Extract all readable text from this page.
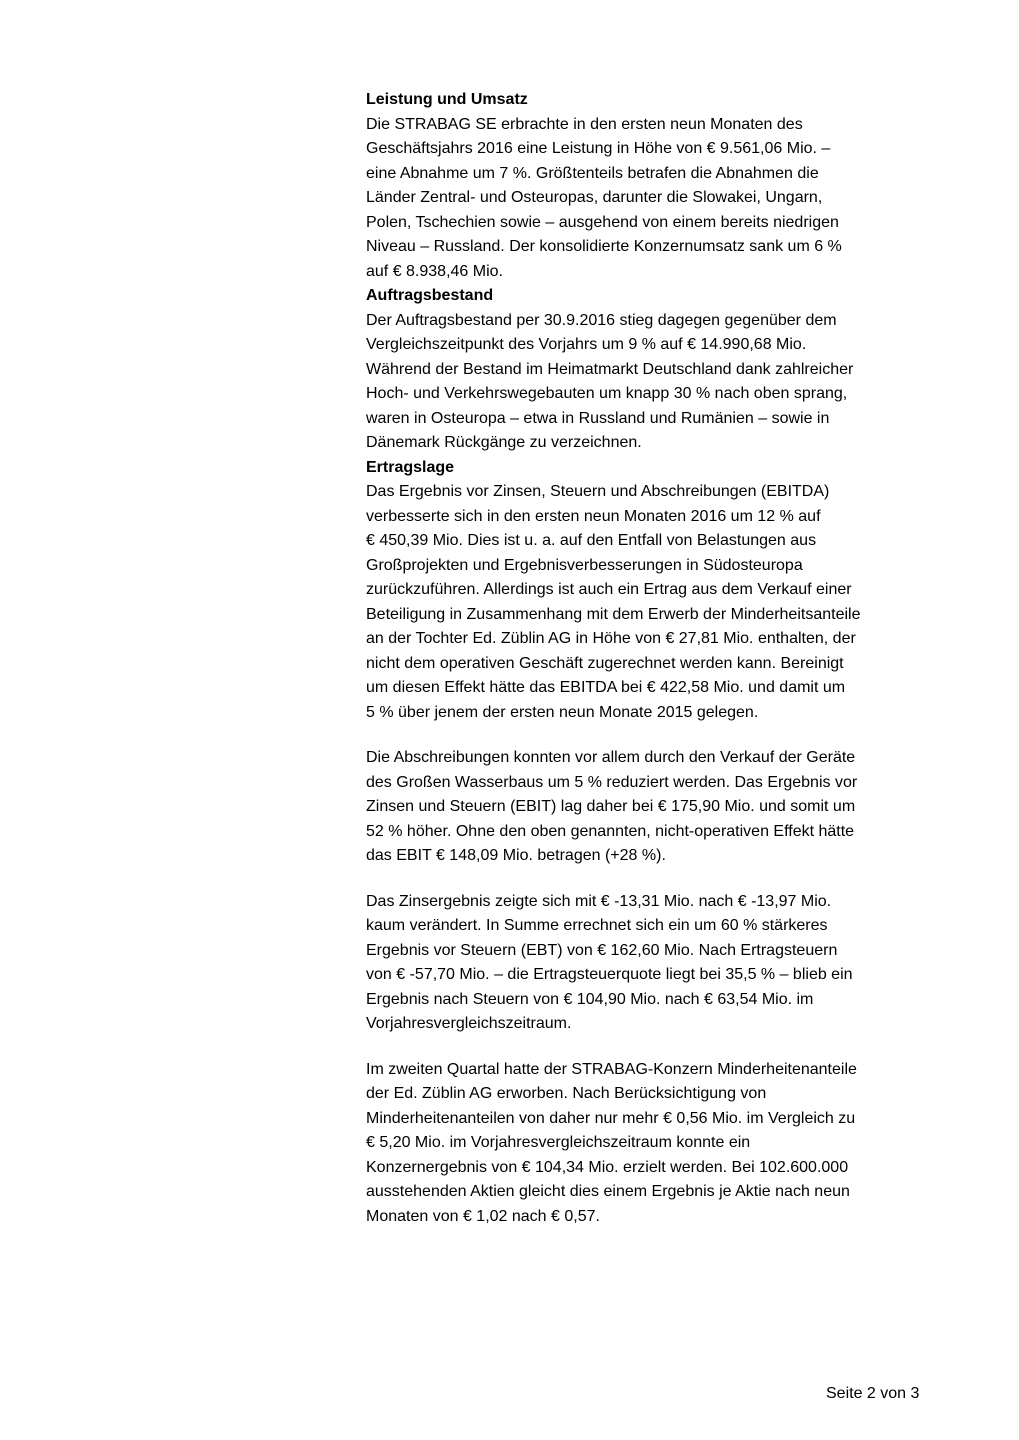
Leistung und Umsatz
Die STRABAG SE erbrachte in den ersten neun Monaten des
Geschäftsjahrs 2016 eine Leistung in Höhe von € 9.561,06 Mio. –
eine Abnahme um 7 %. Größtenteils betrafen die Abnahmen die
Länder Zentral- und Osteuropas, darunter die Slowakei, Ungarn,
Polen, Tschechien sowie – ausgehend von einem bereits niedrigen
Niveau – Russland. Der konsolidierte Konzernumsatz sank um 6 %
auf € 8.938,46 Mio.
Auftragsbestand
Der Auftragsbestand per 30.9.2016 stieg dagegen gegenüber dem
Vergleichszeitpunkt des Vorjahrs um 9 % auf € 14.990,68 Mio.
Während der Bestand im Heimatmarkt Deutschland dank zahlreicher
Hoch- und Verkehrswegebauten um knapp 30 % nach oben sprang,
waren in Osteuropa – etwa in Russland und Rumänien – sowie in
Dänemark Rückgänge zu verzeichnen.
Ertragslage
Das Ergebnis vor Zinsen, Steuern und Abschreibungen (EBITDA)
verbesserte sich in den ersten neun Monaten 2016 um 12 % auf
€ 450,39 Mio. Dies ist u. a. auf den Entfall von Belastungen aus
Großprojekten und Ergebnisverbesserungen in Südosteuropa
zurückzuführen. Allerdings ist auch ein Ertrag aus dem Verkauf einer
Beteiligung in Zusammenhang mit dem Erwerb der Minderheitsanteile
an der Tochter Ed. Züblin AG in Höhe von € 27,81 Mio. enthalten, der
nicht dem operativen Geschäft zugerechnet werden kann. Bereinigt
um diesen Effekt hätte das EBITDA bei € 422,58 Mio. und damit um
5 % über jenem der ersten neun Monate 2015 gelegen.
Die Abschreibungen konnten vor allem durch den Verkauf der Geräte
des Großen Wasserbaus um 5 % reduziert werden. Das Ergebnis vor
Zinsen und Steuern (EBIT) lag daher bei € 175,90 Mio. und somit um
52 % höher. Ohne den oben genannten, nicht-operativen Effekt hätte
das EBIT € 148,09 Mio. betragen (+28 %).
Das Zinsergebnis zeigte sich mit € -13,31 Mio. nach € -13,97 Mio.
kaum verändert. In Summe errechnet sich ein um 60 % stärkeres
Ergebnis vor Steuern (EBT) von € 162,60 Mio. Nach Ertragsteuern
von € -57,70 Mio. – die Ertragsteuerquote liegt bei 35,5 % – blieb ein
Ergebnis nach Steuern von € 104,90 Mio. nach € 63,54 Mio. im
Vorjahresvergleichszeitraum.
Im zweiten Quartal hatte der STRABAG-Konzern Minderheitenanteile
der Ed. Züblin AG erworben. Nach Berücksichtigung von
Minderheitenanteilen von daher nur mehr € 0,56 Mio. im Vergleich zu
€ 5,20 Mio. im Vorjahresvergleichszeitraum konnte ein
Konzernergebnis von € 104,34 Mio. erzielt werden. Bei 102.600.000
ausstehenden Aktien gleicht dies einem Ergebnis je Aktie nach neun
Monaten von € 1,02 nach € 0,57.
Seite 2 von 3
